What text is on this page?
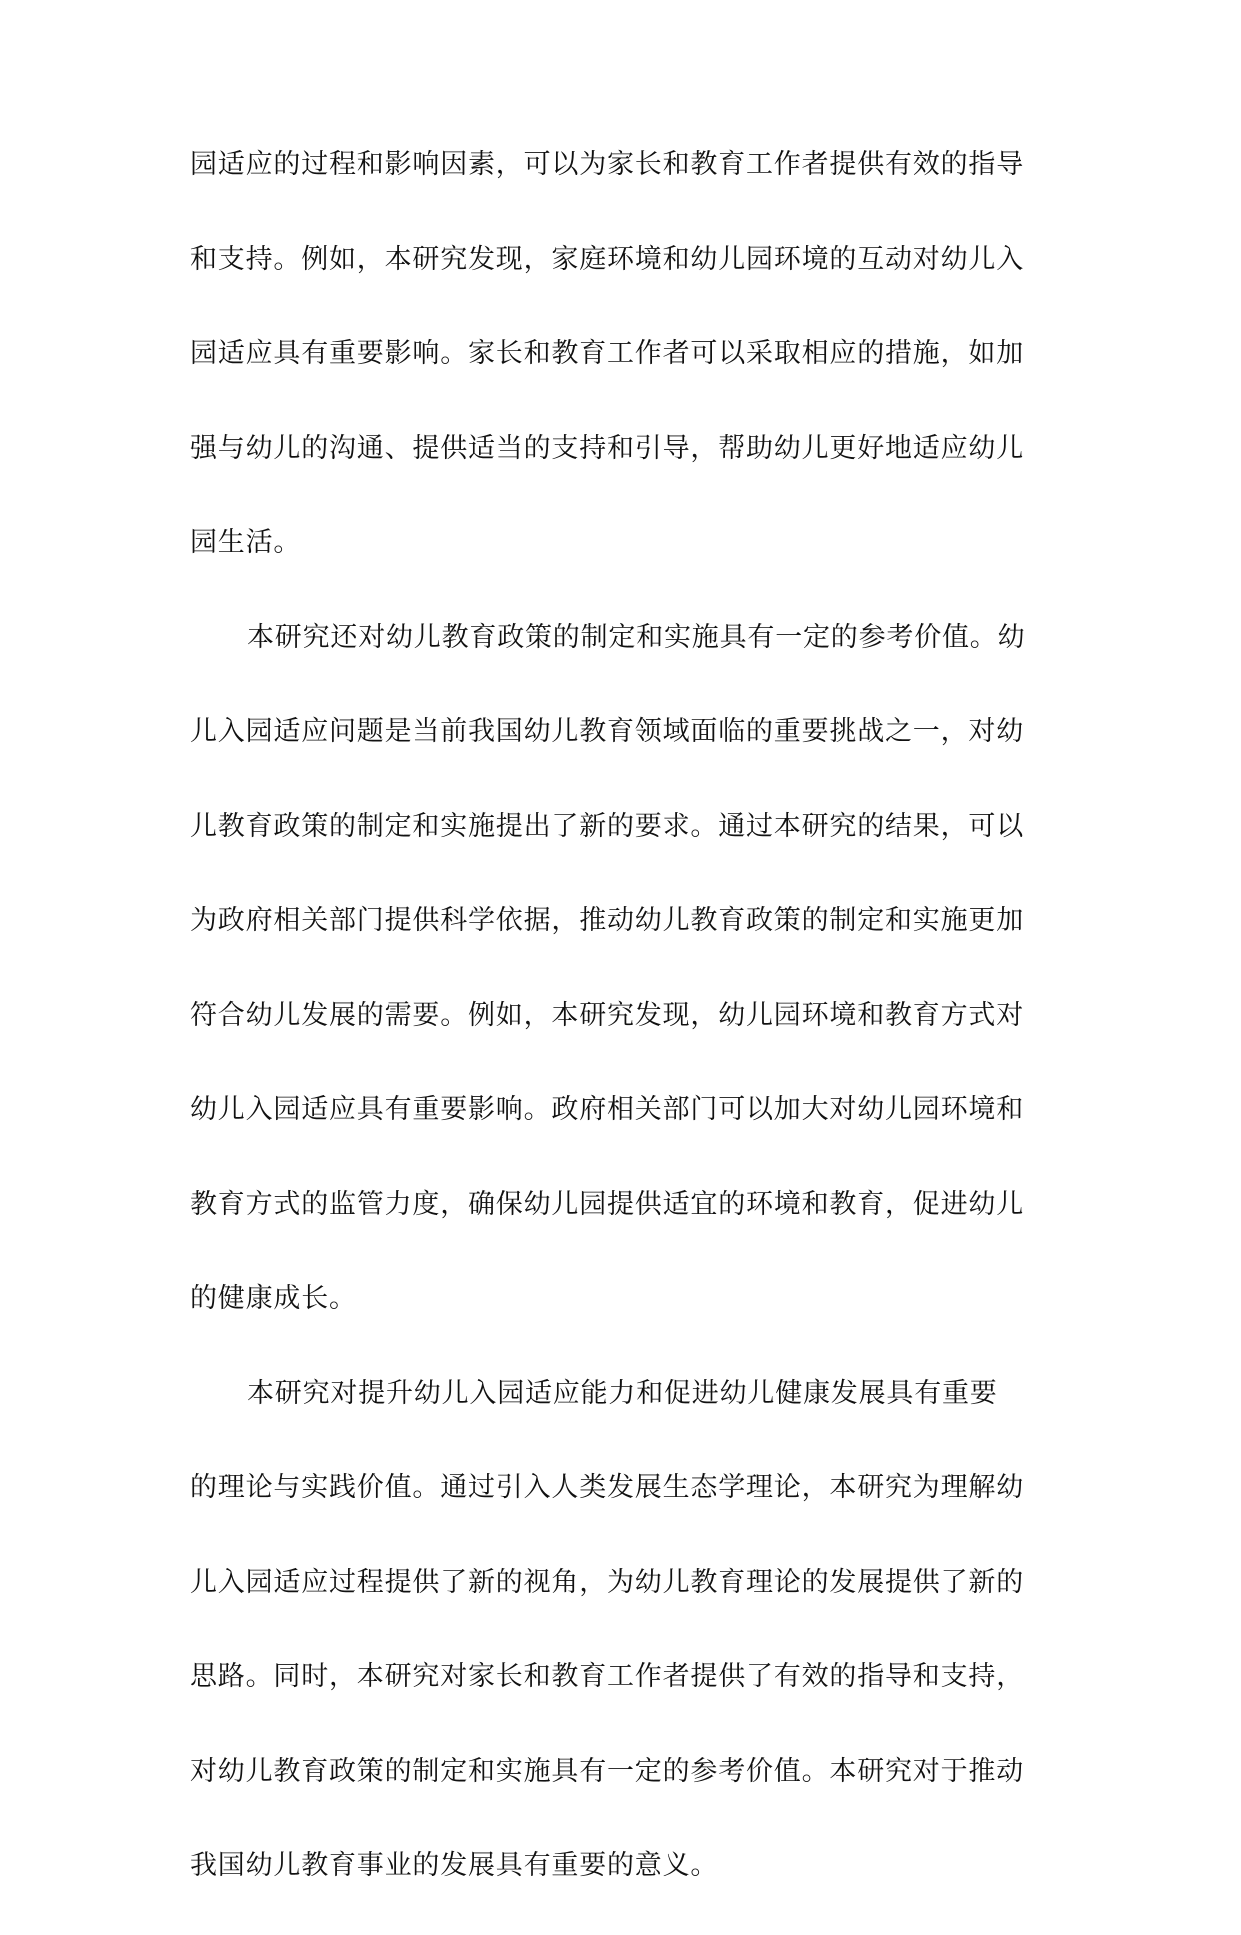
园适应的过程和影响因素，可以为家长和教育工作者提供有效的指导
和支持。例如，本研究发现，家庭环境和幼儿园环境的互动对幼儿入
园适应具有重要影响。家长和教育工作者可以采取相应的措施，如加
强与幼儿的沟通、提供适当的支持和引导，帮助幼儿更好地适应幼儿
园生活。
本研究还对幼儿教育政策的制定和实施具有一定的参考价值。幼
儿入园适应问题是当前我国幼儿教育领域面临的重要挑战之一，对幼
儿教育政策的制定和实施提出了新的要求。通过本研究的结果，可以
为政府相关部门提供科学依据，推动幼儿教育政策的制定和实施更加
符合幼儿发展的需要。例如，本研究发现，幼儿园环境和教育方式对
幼儿入园适应具有重要影响。政府相关部门可以加大对幼儿园环境和
教育方式的监管力度，确保幼儿园提供适宜的环境和教育，促进幼儿
的健康成长。
本研究对提升幼儿入园适应能力和促进幼儿健康发展具有重要
的理论与实践价值。通过引入人类发展生态学理论，本研究为理解幼
儿入园适应过程提供了新的视角，为幼儿教育理论的发展提供了新的
思路。同时，本研究对家长和教育工作者提供了有效的指导和支持，
对幼儿教育政策的制定和实施具有一定的参考价值。本研究对于推动
我国幼儿教育事业的发展具有重要的意义。
